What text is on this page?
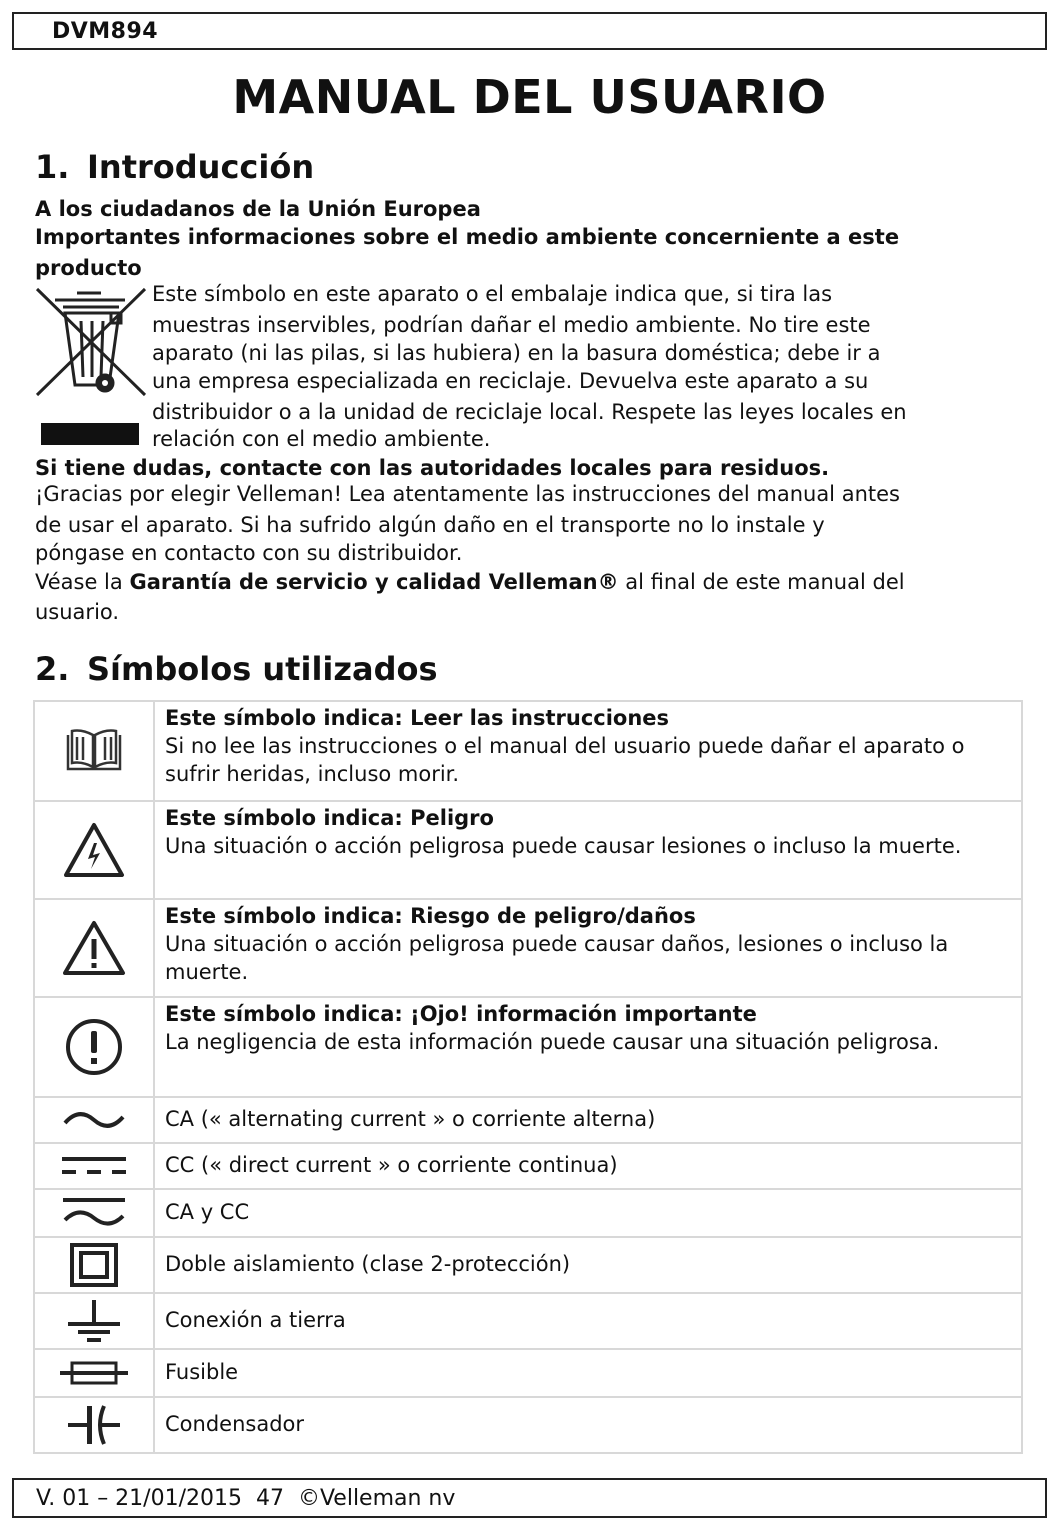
DVM894
MANUAL DEL USUARIO
1. Introducción
A los ciudadanos de la Unión Europea
Importantes informaciones sobre el medio ambiente concerniente a este
producto
Este símbolo en este aparato o el embalaje indica que, si tira las
muestras inservibles, podrían dañar el medio ambiente. No tire este
aparato (ni las pilas, si las hubiera) en la basura doméstica; debe ir a
una empresa especializada en reciclaje. Devuelva este aparato a su
distribuidor o a la unidad de reciclaje local. Respete las leyes locales en
relación con el medio ambiente.
Si tiene dudas, contacte con las autoridades locales para residuos.
¡Gracias por elegir Velleman! Lea atentamente las instrucciones del manual antes
de usar el aparato. Si ha sufrido algún daño en el transporte no lo instale y
póngase en contacto con su distribuidor.
Véase la Garantía de servicio y calidad Velleman® al final de este manual del
usuario.
2. Símbolos utilizados

Este símbolo indica: Leer las instrucciones
Si no lee las instrucciones o el manual del usuario puede dañar el aparato o sufrir heridas, incluso morir.

Este símbolo indica: Peligro
Una situación o acción peligrosa puede causar lesiones o incluso la muerte.

Este símbolo indica: Riesgo de peligro/daños
Una situación o acción peligrosa puede causar daños, lesiones o incluso la muerte.

Este símbolo indica: ¡Ojo! información importante
La negligencia de esta información puede causar una situación peligrosa.

CA (« alternating current » o corriente alterna)

CC (« direct current » o corriente continua)

CA y CC

Doble aislamiento (clase 2-protección)

Conexión a tierra

Fusible

Condensador
V. 01 – 21/01/2015  47  ©Velleman nv
